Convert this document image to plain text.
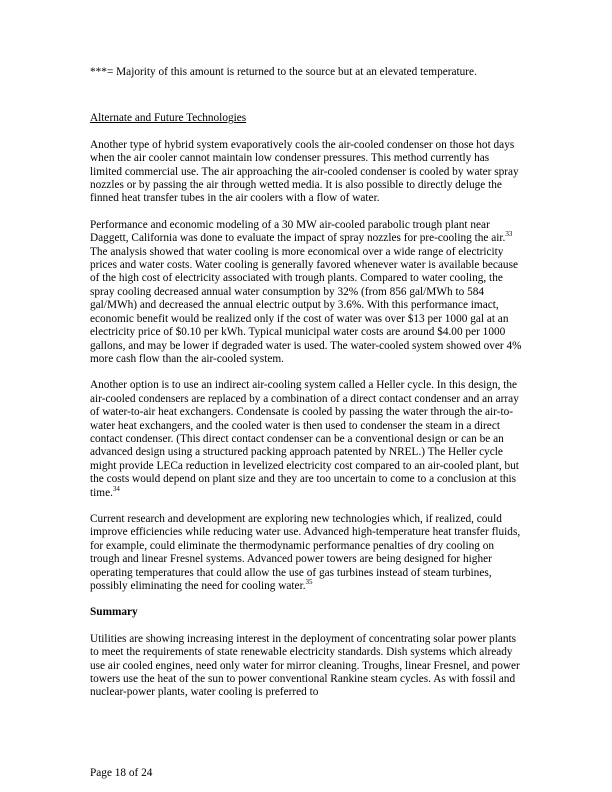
***= Majority of this amount is returned to the source but at an elevated temperature.

Alternate and Future Technologies

Another type of hybrid system evaporatively cools the air-cooled condenser on those hot days when the air cooler cannot maintain low condenser pressures. This method currently has limited commercial use. The air approaching the air-cooled condenser is cooled by water spray nozzles or by passing the air through wetted media. It is also possible to directly deluge the finned heat transfer tubes in the air coolers with a flow of water.

Performance and economic modeling of a 30 MW air-cooled parabolic trough plant near Daggett, California was done to evaluate the impact of spray nozzles for pre-cooling the air.$^{33}$ The analysis showed that water cooling is more economical over a wide range of electricity prices and water costs. Water cooling is generally favored whenever water is available because of the high cost of electricity associated with trough plants. Compared to water cooling, the spray cooling decreased annual water consumption by 32% (from 856 gal/MWh to 584 gal/MWh) and decreased the annual electric output by 3.6%. With this performance imact, economic benefit would be realized only if the cost of water was over $13 per 1000 gal at an electricity price of $0.10 per kWh. Typical municipal water costs are around $4.00 per 1000 gallons, and may be lower if degraded water is used. The water-cooled system showed over 4% more cash flow than the air-cooled system.

Another option is to use an indirect air-cooling system called a Heller cycle. In this design, the air-cooled condensers are replaced by a combination of a direct contact condenser and an array of water-to-air heat exchangers. Condensate is cooled by passing the water through the air-to-water heat exchangers, and the cooled water is then used to condenser the steam in a direct contact condenser. (This direct contact condenser can be a conventional design or can be an advanced design using a structured packing approach patented by NREL.) The Heller cycle might provide LECa reduction in levelized electricity cost compared to an air-cooled plant, but the costs would depend on plant size and they are too uncertain to come to a conclusion at this time.$^{34}$

Current research and development are exploring new technologies which, if realized, could improve efficiencies while reducing water use. Advanced high-temperature heat transfer fluids, for example, could eliminate the thermodynamic performance penalties of dry cooling on trough and linear Fresnel systems. Advanced power towers are being designed for higher operating temperatures that could allow the use of gas turbines instead of steam turbines, possibly eliminating the need for cooling water.$^{35}$

Summary

Utilities are showing increasing interest in the deployment of concentrating solar power plants to meet the requirements of state renewable electricity standards. Dish systems which already use air cooled engines, need only water for mirror cleaning. Troughs, linear Fresnel, and power towers use the heat of the sun to power conventional Rankine steam cycles. As with fossil and nuclear-power plants, water cooling is preferred to

Page 18 of 24
